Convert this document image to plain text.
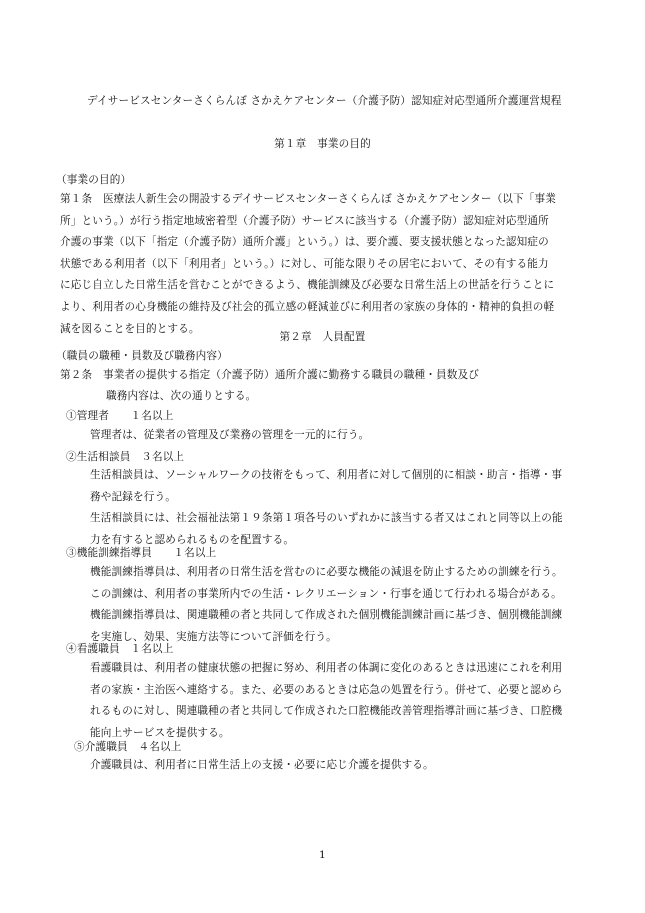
デイサービスセンターさくらんぼ さかえケアセンター（介護予防）認知症対応型通所介護運営規程
第１章　事業の目的
（事業の目的）
第１条　医療法人新生会の開設するデイサービスセンターさくらんぼ さかえケアセンター（以下「事業
所」という。）が行う指定地域密着型（介護予防）サービスに該当する（介護予防）認知症対応型通所
介護の事業（以下「指定（介護予防）通所介護」という。）は、要介護、要支援状態となった認知症の
状態である利用者（以下「利用者」という。）に対し、可能な限りその居宅において、その有する能力
に応じ自立した日常生活を営むことができるよう、機能訓練及び必要な日常生活上の世話を行うことに
より、利用者の心身機能の維持及び社会的孤立感の軽減並びに利用者の家族の身体的・精神的負担の軽
減を図ることを目的とする。
第２章　人員配置
（職員の職種・員数及び職務内容）
第２条　事業者の提供する指定（介護予防）通所介護に勤務する職員の職種・員数及び
職務内容は、次の通りとする。
①管理者　　１名以上
管理者は、従業者の管理及び業務の管理を一元的に行う。
②生活相談員　３名以上
生活相談員は、ソーシャルワークの技術をもって、利用者に対して個別的に相談・助言・指導・事
務や記録を行う。
生活相談員には、社会福祉法第１９条第１項各号のいずれかに該当する者又はこれと同等以上の能
力を有すると認められるものを配置する。
③機能訓練指導員　　１名以上
機能訓練指導員は、利用者の日常生活を営むのに必要な機能の減退を防止するための訓練を行う。
この訓練は、利用者の事業所内での生活・レクリエーション・行事を通じて行われる場合がある。
機能訓練指導員は、関連職種の者と共同して作成された個別機能訓練計画に基づき、個別機能訓練
を実施し、効果、実施方法等について評価を行う。
④看護職員　１名以上
看護職員は、利用者の健康状態の把握に努め、利用者の体調に変化のあるときは迅速にこれを利用
者の家族・主治医へ連絡する。また、必要のあるときは応急の処置を行う。併せて、必要と認めら
れるものに対し、関連職種の者と共同して作成された口腔機能改善管理指導計画に基づき、口腔機
能向上サービスを提供する。
⑤介護職員　４名以上
介護職員は、利用者に日常生活上の支援・必要に応じ介護を提供する。
1
